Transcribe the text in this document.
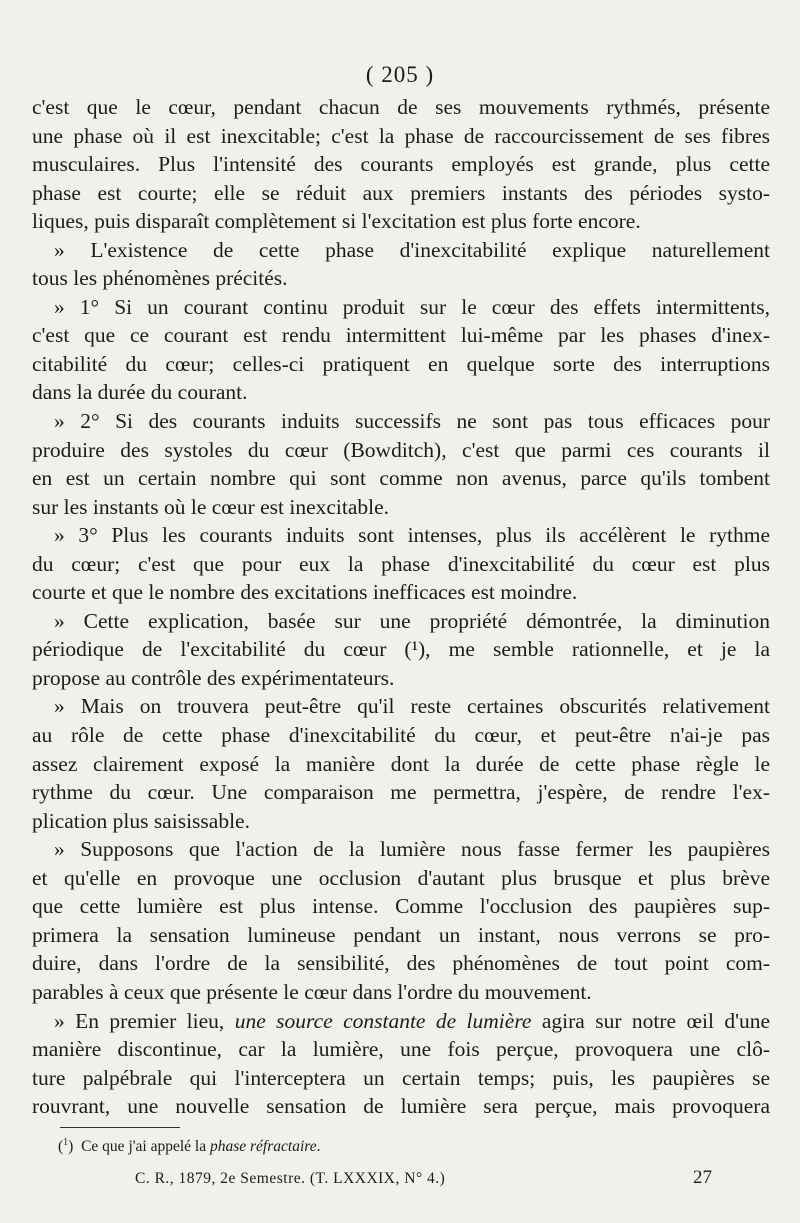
( 205 )
c'est que le cœur, pendant chacun de ses mouvements rythmés, présente
une phase où il est inexcitable; c'est la phase de raccourcissement de ses fibres
musculaires. Plus l'intensité des courants employés est grande, plus cette
phase est courte; elle se réduit aux premiers instants des périodes systo-
liques, puis disparaît complètement si l'excitation est plus forte encore.
» L'existence de cette phase d'inexcitabilité explique naturellement
tous les phénomènes précités.
» 1° Si un courant continu produit sur le cœur des effets intermittents,
c'est que ce courant est rendu intermittent lui-même par les phases d'inex-
citabilité du cœur; celles-ci pratiquent en quelque sorte des interruptions
dans la durée du courant.
» 2° Si des courants induits successifs ne sont pas tous efficaces pour
produire des systoles du cœur (Bowditch), c'est que parmi ces courants il
en est un certain nombre qui sont comme non avenus, parce qu'ils tombent
sur les instants où le cœur est inexcitable.
» 3° Plus les courants induits sont intenses, plus ils accélèrent le rythme
du cœur; c'est que pour eux la phase d'inexcitabilité du cœur est plus
courte et que le nombre des excitations inefficaces est moindre.
» Cette explication, basée sur une propriété démontrée, la diminution
périodique de l'excitabilité du cœur (¹), me semble rationnelle, et je la
propose au contrôle des expérimentateurs.
» Mais on trouvera peut-être qu'il reste certaines obscurités relativement
au rôle de cette phase d'inexcitabilité du cœur, et peut-être n'ai-je pas
assez clairement exposé la manière dont la durée de cette phase règle le
rythme du cœur. Une comparaison me permettra, j'espère, de rendre l'ex-
plication plus saisissable.
» Supposons que l'action de la lumière nous fasse fermer les paupières
et qu'elle en provoque une occlusion d'autant plus brusque et plus brève
que cette lumière est plus intense. Comme l'occlusion des paupières sup-
primera la sensation lumineuse pendant un instant, nous verrons se pro-
duire, dans l'ordre de la sensibilité, des phénomènes de tout point com-
parables à ceux que présente le cœur dans l'ordre du mouvement.
» En premier lieu, une source constante de lumière agira sur notre œil d'une
manière discontinue, car la lumière, une fois perçue, provoquera une clô-
ture palpébrale qui l'interceptera un certain temps; puis, les paupières se
rouvrant, une nouvelle sensation de lumière sera perçue, mais provoquera
($^1$)  Ce que j'ai appelé la phase réfractaire.
C. R., 1879, 2e Semestre. (T. LXXXIX, N° 4.)	27
